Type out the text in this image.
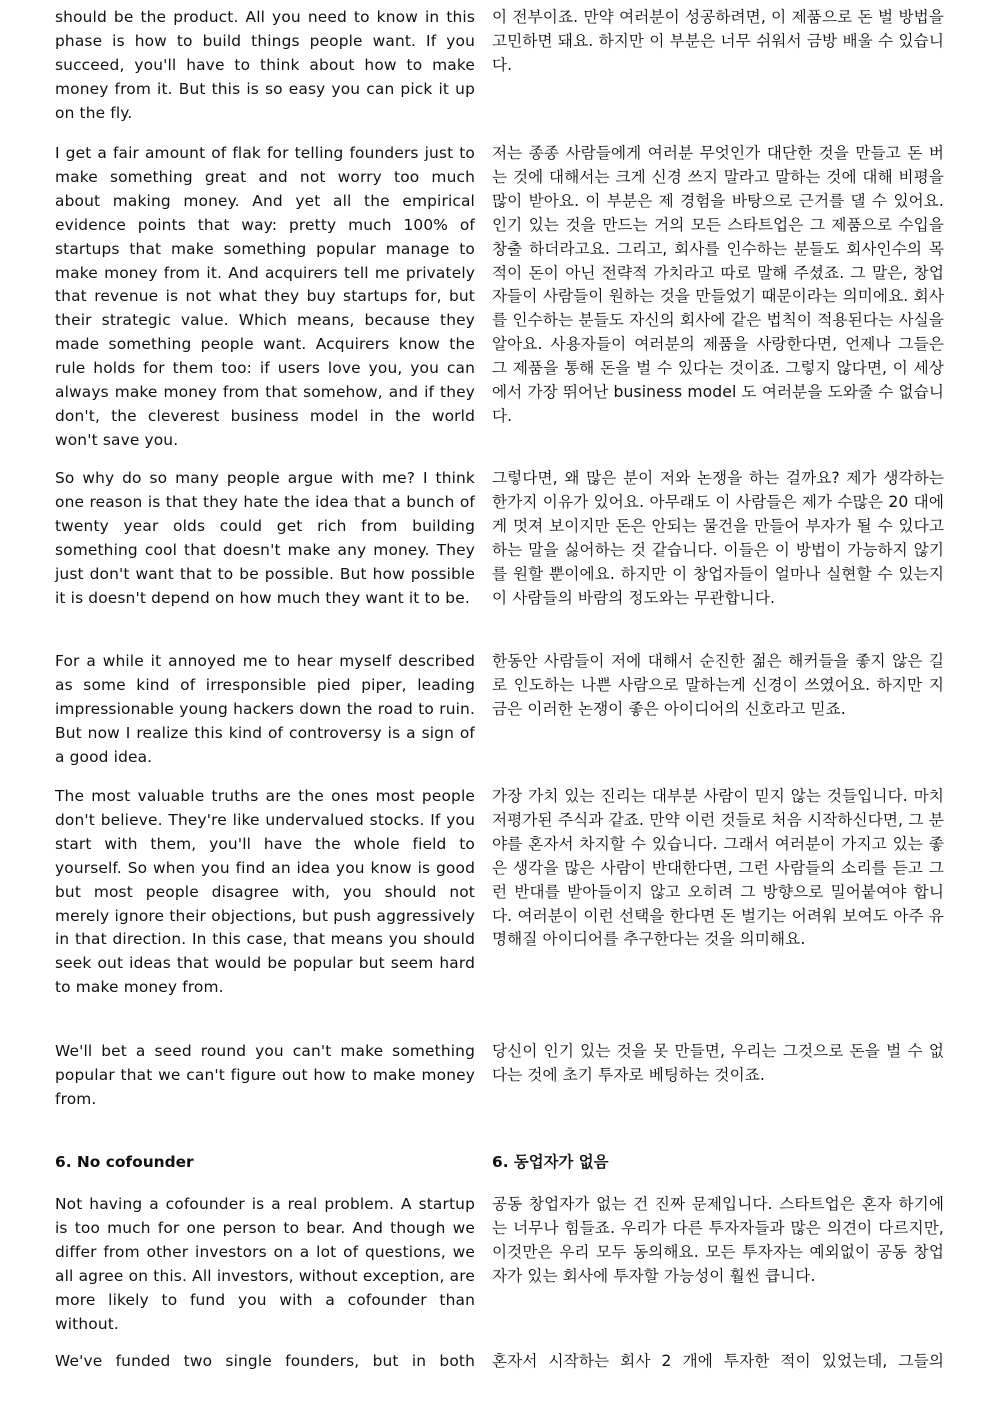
should be the product. All you need to know in this phase is how to build things people want. If you succeed, you'll have to think about how to make money from it. But this is so easy you can pick it up on the fly.

I get a fair amount of flak for telling founders just to make something great and not worry too much about making money. And yet all the empirical evidence points that way: pretty much 100% of startups that make something popular manage to make money from it. And acquirers tell me privately that revenue is not what they buy startups for, but their strategic value. Which means, because they made something people want. Acquirers know the rule holds for them too: if users love you, you can always make money from that somehow, and if they don't, the cleverest business model in the world won't save you.

So why do so many people argue with me? I think one reason is that they hate the idea that a bunch of twenty year olds could get rich from building something cool that doesn't make any money. They just don't want that to be possible. But how possible it is doesn't depend on how much they want it to be.

For a while it annoyed me to hear myself described as some kind of irresponsible pied piper, leading impressionable young hackers down the road to ruin. But now I realize this kind of controversy is a sign of a good idea.

The most valuable truths are the ones most people don't believe. They're like undervalued stocks. If you start with them, you'll have the whole field to yourself. So when you find an idea you know is good but most people disagree with, you should not merely ignore their objections, but push aggressively in that direction. In this case, that means you should seek out ideas that would be popular but seem hard to make money from.

We'll bet a seed round you can't make something popular that we can't figure out how to make money from.

6. No cofounder

Not having a cofounder is a real problem. A startup is too much for one person to bear. And though we differ from other investors on a lot of questions, we all agree on this. All investors, without exception, are more likely to fund you with a cofounder than without.

We've funded two single founders, but in both

이 전부이죠. 만약 여러분이 성공하려면, 이 제품으로 돈 벌 방법을 고민하면 돼요. 하지만 이 부분은 너무 쉬워서 금방 배울 수 있습니다.

저는 종종 사람들에게 여러분 무엇인가 대단한 것을 만들고 돈 버는 것에 대해서는 크게 신경 쓰지 말라고 말하는 것에 대해 비평을 많이 받아요. 이 부분은 제 경험을 바탕으로 근거를 댈 수 있어요. 인기 있는 것을 만드는 거의 모든 스타트업은 그 제품으로 수입을 창출 하더라고요. 그리고, 회사를 인수하는 분들도 회사인수의 목적이 돈이 아닌 전략적 가치라고 따로 말해 주셨죠. 그 말은, 창업자들이 사람들이 원하는 것을 만들었기 때문이라는 의미에요. 회사를 인수하는 분들도 자신의 회사에 같은 법칙이 적용된다는 사실을 알아요. 사용자들이 여러분의 제품을 사랑한다면, 언제나 그들은 그 제품을 통해 돈을 벌 수 있다는 것이죠. 그렇지 않다면, 이 세상에서 가장 뛰어난 business model 도 여러분을 도와줄 수 없습니다.

그렇다면, 왜 많은 분이 저와 논쟁을 하는 걸까요? 제가 생각하는 한가지 이유가 있어요. 아무래도 이 사람들은 제가 수많은 20 대에게 멋져 보이지만 돈은 안되는 물건을 만들어 부자가 될 수 있다고 하는 말을 싫어하는 것 같습니다. 이들은 이 방법이 가능하지 않기를 원할 뿐이에요. 하지만 이 창업자들이 얼마나 실현할 수 있는지 이 사람들의 바람의 정도와는 무관합니다.

한동안 사람들이 저에 대해서 순진한 젊은 해커들을 좋지 않은 길로 인도하는 나쁜 사람으로 말하는게 신경이 쓰였어요. 하지만 지금은 이러한 논쟁이 좋은 아이디어의 신호라고 믿죠.

가장 가치 있는 진리는 대부분 사람이 믿지 않는 것들입니다. 마치 저평가된 주식과 같죠. 만약 이런 것들로 처음 시작하신다면, 그 분야를 혼자서 차지할 수 있습니다. 그래서 여러분이 가지고 있는 좋은 생각을 많은 사람이 반대한다면, 그런 사람들의 소리를 듣고 그런 반대를 받아들이지 않고 오히려 그 방향으로 밀어붙여야 합니다. 여러분이 이런 선택을 한다면 돈 벌기는 어려워 보여도 아주 유명해질 아이디어를 추구한다는 것을 의미해요.

당신이 인기 있는 것을 못 만들면, 우리는 그것으로 돈을 벌 수 없다는 것에 초기 투자로 베팅하는 것이죠.

6. 동업자가 없음

공동 창업자가 없는 건 진짜 문제입니다. 스타트업은 혼자 하기에는 너무나 힘들죠. 우리가 다른 투자자들과 많은 의견이 다르지만, 이것만은 우리 모두 동의해요. 모든 투자자는 예외없이 공동 창업자가 있는 회사에 투자할 가능성이 훨씬 큽니다.

혼자서 시작하는 회사 2 개에 투자한 적이 있었는데, 그들의
